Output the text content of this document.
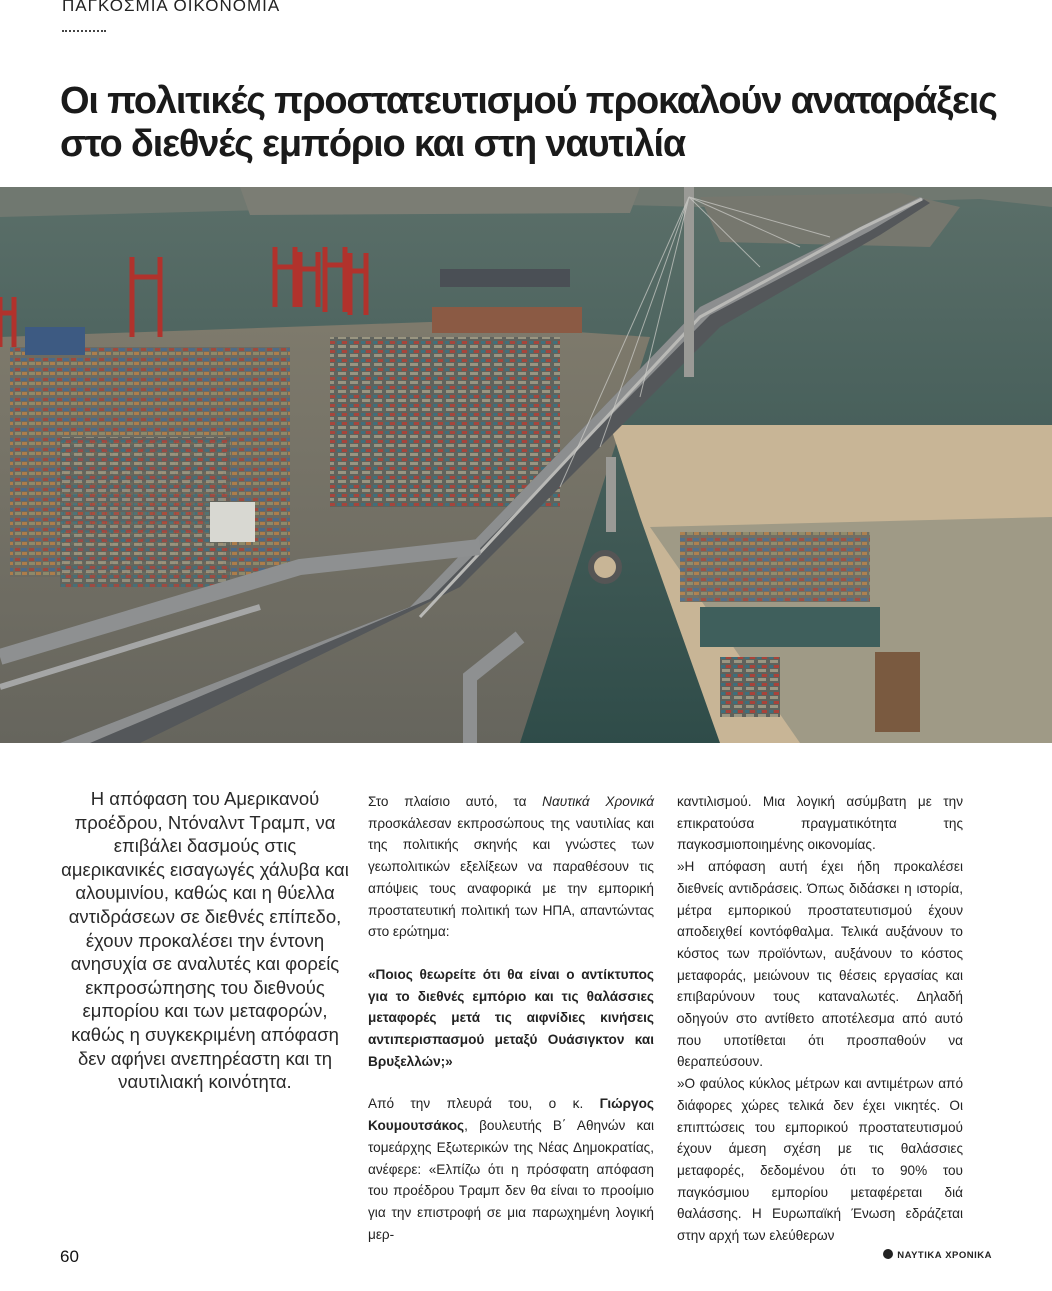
ΠΑΓΚΟΣΜΙΑ ΟΙΚΟΝΟΜΙΑ
Οι πολιτικές προστατευτισμού προκαλούν αναταράξεις
στο διεθνές εμπόριο και στη ναυτιλία
Η απόφαση του Αμερικανού προέδρου, Ντόναλντ Τραμπ, να επιβάλει δασμούς στις αμερικανικές εισαγωγές χάλυβα και αλουμινίου, καθώς και η θύελλα αντιδράσεων σε διεθνές επίπεδο, έχουν προκαλέσει την έντονη ανησυχία σε αναλυτές και φορείς εκπροσώπησης του διεθνούς εμπορίου και των μεταφορών, καθώς η συγκεκριμένη απόφαση δεν αφήνει ανεπηρέαστη και τη ναυτιλιακή κοινότητα.

Στο πλαίσιο αυτό, τα Ναυτικά Χρονικά προσκάλεσαν εκπροσώπους της ναυτιλίας και της πολιτικής σκηνής και γνώστες των γεωπολιτικών εξελίξεων να παραθέσουν τις απόψεις τους αναφορικά με την εμπορική προστατευτική πολιτική των ΗΠΑ, απαντώντας στο ερώτημα:

«Ποιος θεωρείτε ότι θα είναι ο αντίκτυπος για το διεθνές εμπόριο και τις θαλάσσιες μεταφορές μετά τις αιφνίδιες κινήσεις αντιπερισπασμού μεταξύ Ουάσιγκτον και Βρυξελλών;»

Από την πλευρά του, ο κ. Γιώργος Κουμουτσάκος, βουλευτής Β΄ Αθηνών και τομεάρχης Εξωτερικών της Νέας Δημοκρατίας, ανέφερε: «Ελπίζω ότι η πρόσφατη απόφαση του προέδρου Τραμπ δεν θα είναι το προοίμιο για την επιστροφή σε μια παρωχημένη λογική μερ-

καντιλισμού. Μια λογική ασύμβατη με την επικρατούσα πραγματικότητα της παγκοσμιοποιημένης οικονομίας.

»Η απόφαση αυτή έχει ήδη προκαλέσει διεθνείς αντιδράσεις. Όπως διδάσκει η ιστορία, μέτρα εμπορικού προστατευτισμού έχουν αποδειχθεί κοντόφθαλμα. Τελικά αυξάνουν το κόστος των προϊόντων, αυξάνουν το κόστος μεταφοράς, μειώνουν τις θέσεις εργασίας και επιβαρύνουν τους καταναλωτές. Δηλαδή οδηγούν στο αντίθετο αποτέλεσμα από αυτό που υποτίθεται ότι προσπαθούν να θεραπεύσουν.

»Ο φαύλος κύκλος μέτρων και αντιμέτρων από διάφορες χώρες τελικά δεν έχει νικητές. Οι επιπτώσεις του εμπορικού προστατευτισμού έχουν άμεση σχέση με τις θαλάσσιες μεταφορές, δεδομένου ότι το 90% του παγκόσμιου εμπορίου μεταφέρεται διά θαλάσσης. Η Ευρωπαϊκή Ένωση εδράζεται στην αρχή των ελεύθερων

60	ΝΑΥΤΙΚΑ ΧΡΟΝΙΚΑ
